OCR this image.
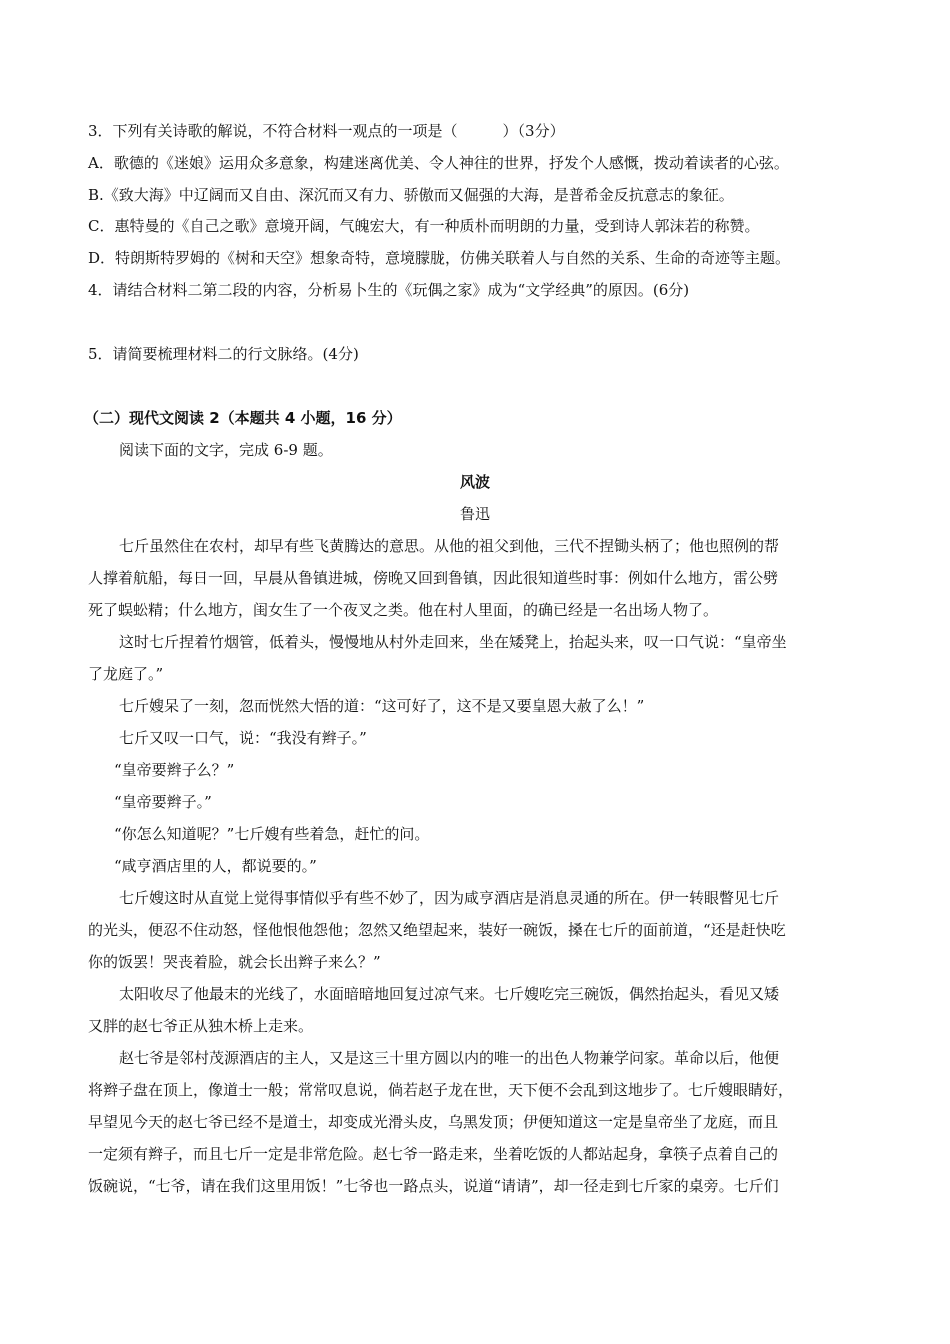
3．下列有关诗歌的解说，不符合材料一观点的一项是（　　　）（3分）
A．歌德的《迷娘》运用众多意象，构建迷离优美、令人神往的世界，抒发个人感慨，拨动着读者的心弦。
B.《致大海》中辽阔而又自由、深沉而又有力、骄傲而又倔强的大海，是普希金反抗意志的象征。
C．惠特曼的《自己之歌》意境开阔，气魄宏大，有一种质朴而明朗的力量，受到诗人郭沫若的称赞。
D．特朗斯特罗姆的《树和天空》想象奇特，意境朦胧，仿佛关联着人与自然的关系、生命的奇迹等主题。
4．请结合材料二第二段的内容，分析易卜生的《玩偶之家》成为“文学经典”的原因。(6分)
5．请简要梳理材料二的行文脉络。(4分)
（二）现代文阅读 2（本题共 4 小题，16 分）
阅读下面的文字，完成 6-9 题。
风波
鲁迅
七斤虽然住在农村，却早有些飞黄腾达的意思。从他的祖父到他，三代不捏锄头柄了；他也照例的帮
人撑着航船，每日一回，早晨从鲁镇进城，傍晚又回到鲁镇，因此很知道些时事：例如什么地方，雷公劈
死了蜈蚣精；什么地方，闺女生了一个夜叉之类。他在村人里面，的确已经是一名出场人物了。
这时七斤捏着竹烟管，低着头，慢慢地从村外走回来，坐在矮凳上，抬起头来，叹一口气说：“皇帝坐
了龙庭了。”
七斤嫂呆了一刻，忽而恍然大悟的道：“这可好了，这不是又要皇恩大赦了么！”
七斤又叹一口气，说：“我没有辫子。”
“皇帝要辫子么？”
“皇帝要辫子。”
“你怎么知道呢？”七斤嫂有些着急，赶忙的问。
“咸亨酒店里的人，都说要的。”
七斤嫂这时从直觉上觉得事情似乎有些不妙了，因为咸亨酒店是消息灵通的所在。伊一转眼瞥见七斤
的光头，便忍不住动怒，怪他恨他怨他；忽然又绝望起来，装好一碗饭，搡在七斤的面前道，“还是赶快吃
你的饭罢！哭丧着脸，就会长出辫子来么？”
太阳收尽了他最末的光线了，水面暗暗地回复过凉气来。七斤嫂吃完三碗饭，偶然抬起头，看见又矮
又胖的赵七爷正从独木桥上走来。
赵七爷是邻村茂源酒店的主人，又是这三十里方圆以内的唯一的出色人物兼学问家。革命以后，他便
将辫子盘在顶上，像道士一般；常常叹息说，倘若赵子龙在世，天下便不会乱到这地步了。七斤嫂眼睛好，
早望见今天的赵七爷已经不是道士，却变成光滑头皮，乌黑发顶；伊便知道这一定是皇帝坐了龙庭，而且
一定须有辫子，而且七斤一定是非常危险。赵七爷一路走来，坐着吃饭的人都站起身，拿筷子点着自己的
饭碗说，“七爷，请在我们这里用饭！”七爷也一路点头，说道“请请”，却一径走到七斤家的桌旁。七斤们
